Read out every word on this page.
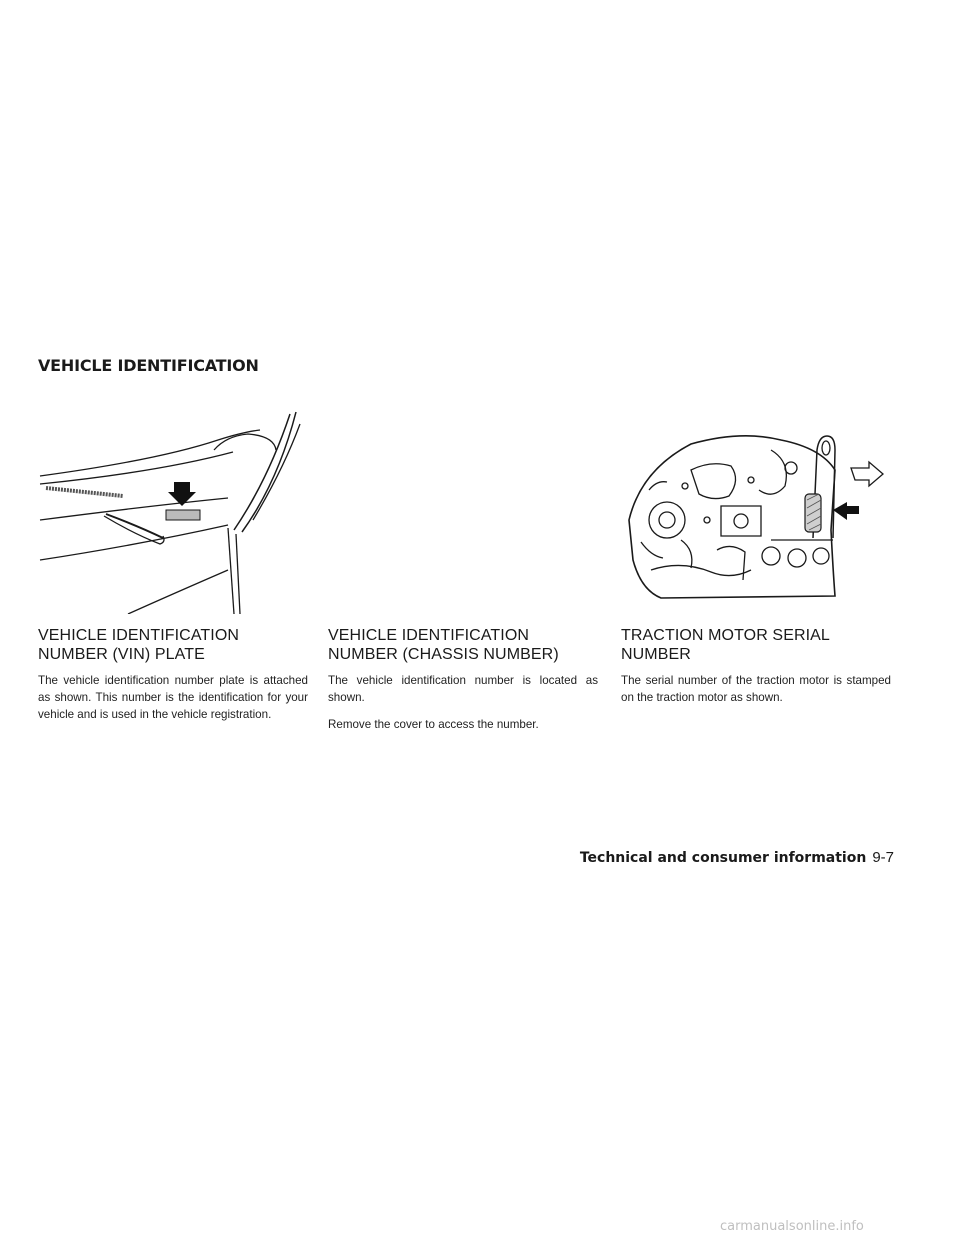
VEHICLE IDENTIFICATION
VEHICLE IDENTIFICATION NUMBER (VIN) PLATE

The vehicle identification number plate is attached as shown. This number is the identification for your vehicle and is used in the vehicle registration.

VEHICLE IDENTIFICATION NUMBER (CHASSIS NUMBER)

The vehicle identification number is located as shown.

Remove the cover to access the number.

TRACTION MOTOR SERIAL NUMBER

The serial number of the traction motor is stamped on the traction motor as shown.

Technical and consumer information 9-7
carmanualsonline.info
